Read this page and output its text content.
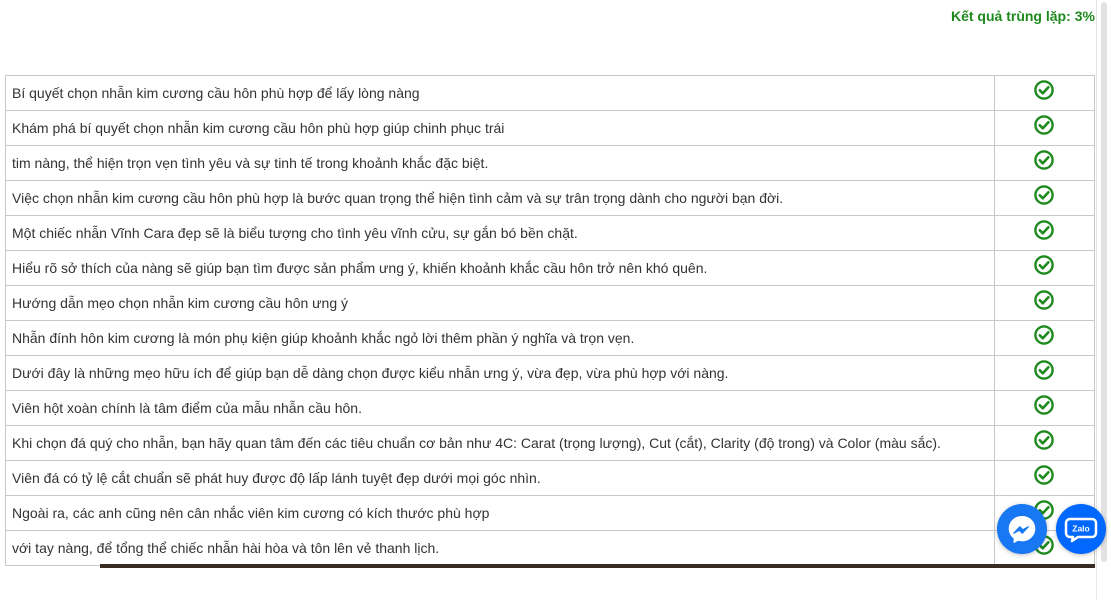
Kết quả trùng lặp: 3%
Bí quyết chọn nhẫn kim cương cầu hôn phù hợp để lấy lòng nàng	

Khám phá bí quyết chọn nhẫn kim cương cầu hôn phù hợp giúp chinh phục trái	

tim nàng, thể hiện trọn vẹn tình yêu và sự tinh tế trong khoảnh khắc đặc biệt.	

Việc chọn nhẫn kim cương cầu hôn phù hợp là bước quan trọng thể hiện tình cảm và sự trân trọng dành cho người bạn đời.	

Một chiếc nhẫn Vĩnh Cara đẹp sẽ là biểu tượng cho tình yêu vĩnh cửu, sự gắn bó bền chặt.	

Hiểu rõ sở thích của nàng sẽ giúp bạn tìm được sản phẩm ưng ý, khiến khoảnh khắc cầu hôn trở nên khó quên.	

Hướng dẫn mẹo chọn nhẫn kim cương cầu hôn ưng ý	

Nhẫn đính hôn kim cương là món phụ kiện giúp khoảnh khắc ngỏ lời thêm phần ý nghĩa và trọn vẹn.	

Dưới đây là những mẹo hữu ích để giúp bạn dễ dàng chọn được kiểu nhẫn ưng ý, vừa đẹp, vừa phù hợp với nàng.	

Viên hột xoàn chính là tâm điểm của mẫu nhẫn cầu hôn.	

Khi chọn đá quý cho nhẫn, bạn hãy quan tâm đến các tiêu chuẩn cơ bản như 4C: Carat (trọng lượng), Cut (cắt), Clarity (độ trong) và Color (màu sắc).	

Viên đá có tỷ lệ cắt chuẩn sẽ phát huy được độ lấp lánh tuyệt đẹp dưới mọi góc nhìn.	

Ngoài ra, các anh cũng nên cân nhắc viên kim cương có kích thước phù hợp	

với tay nàng, để tổng thể chiếc nhẫn hài hòa và tôn lên vẻ thanh lịch.	
Zalo
